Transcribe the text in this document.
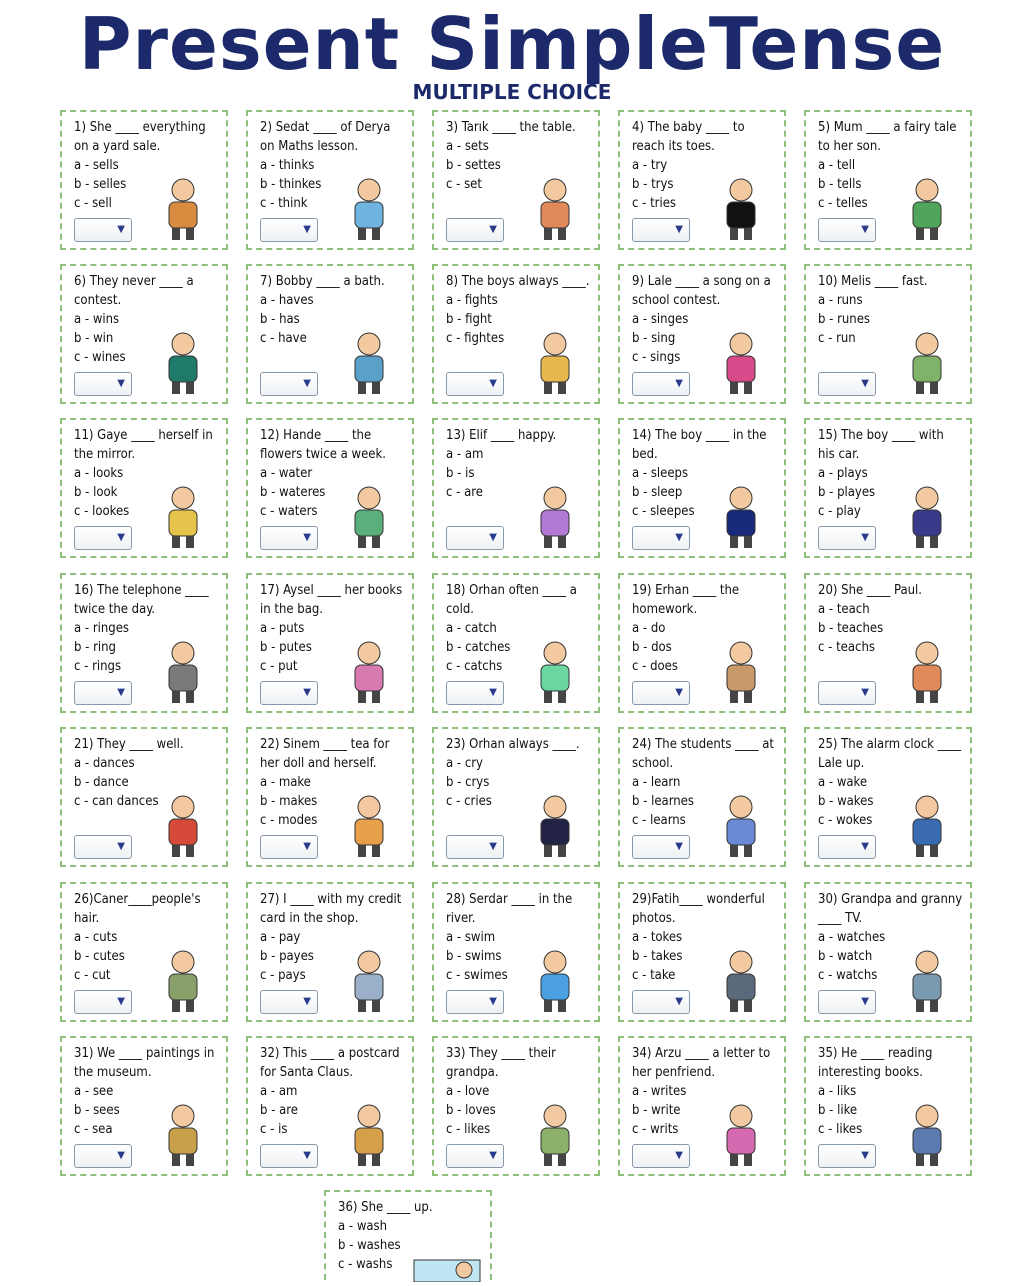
Present SimpleTense
MULTIPLE CHOICE
1) She ____ everything on a yard sale.
a - sells
b - selles
c - sell
▼
2) Sedat ____ of Derya on Maths lesson.
a - thinks
b - thinkes
c - think
▼
3) Tarık ____ the table.
a - sets
b - settes
c - set
▼
4) The baby ____ to reach its toes.
a - try
b - trys
c - tries
▼
5) Mum ____ a fairy tale to her son.
a - tell
b - tells
c - telles
▼
6) They never ____ a contest.
a - wins
b - win
c - wines
▼
7) Bobby ____ a bath.
a - haves
b - has
c - have
▼
8) The boys always ____.
a - fights
b - fight
c - fightes
▼
9) Lale ____ a song on a school contest.
a - singes
b - sing
c - sings
▼
10) Melis ____ fast.
a - runs
b - runes
c - run
▼
11) Gaye ____ herself in the mirror.
a - looks
b - look
c - lookes
▼
12) Hande ____ the flowers twice a week.
a - water
b - wateres
c - waters
▼
13) Elif ____ happy.
a - am
b - is
c - are
▼
14) The boy ____ in the bed.
a - sleeps
b - sleep
c - sleepes
▼
15) The boy ____ with his car.
a - plays
b - playes
c - play
▼
16) The telephone ____ twice the day.
a - ringes
b - ring
c - rings
▼
17) Aysel ____ her books in the bag.
a - puts
b - putes
c - put
▼
18) Orhan often ____ a cold.
a - catch
b - catches
c - catchs
▼
19) Erhan ____ the homework.
a - do
b - dos
c - does
▼
20) She ____ Paul.
a - teach
b - teaches
c - teachs
▼
21) They ____ well.
a - dances
b - dance
c - can dances
▼
22) Sinem ____ tea for her doll and herself.
a - make
b - makes
c - modes
▼
23) Orhan always ____.
a - cry
b - crys
c - cries
▼
24) The students ____ at school.
a - learn
b - learnes
c - learns
▼
25) The alarm clock ____ Lale up.
a - wake
b - wakes
c - wokes
▼
26)Caner____people's hair.
a - cuts
b - cutes
c - cut
▼
27) I ____ with my credit card in the shop.
a - pay
b - payes
c - pays
▼
28) Serdar ____ in the river.
a - swim
b - swims
c - swimes
▼
29)Fatih____ wonderful photos.
a - tokes
b - takes
c - take
▼
30) Grandpa and granny ____ TV.
a - watches
b - watch
c - watchs
▼
31) We ____ paintings in the museum.
a - see
b - sees
c - sea
▼
32) This ____ a postcard for Santa Claus.
a - am
b - are
c - is
▼
33) They ____ their grandpa.
a - love
b - loves
c - likes
▼
34) Arzu ____ a letter to her penfriend.
a - writes
b - write
c - writs
▼
35) He ____ reading interesting books.
a - liks
b - like
c - likes
▼
36) She ____ up.
a - wash
b - washes
c - washs
